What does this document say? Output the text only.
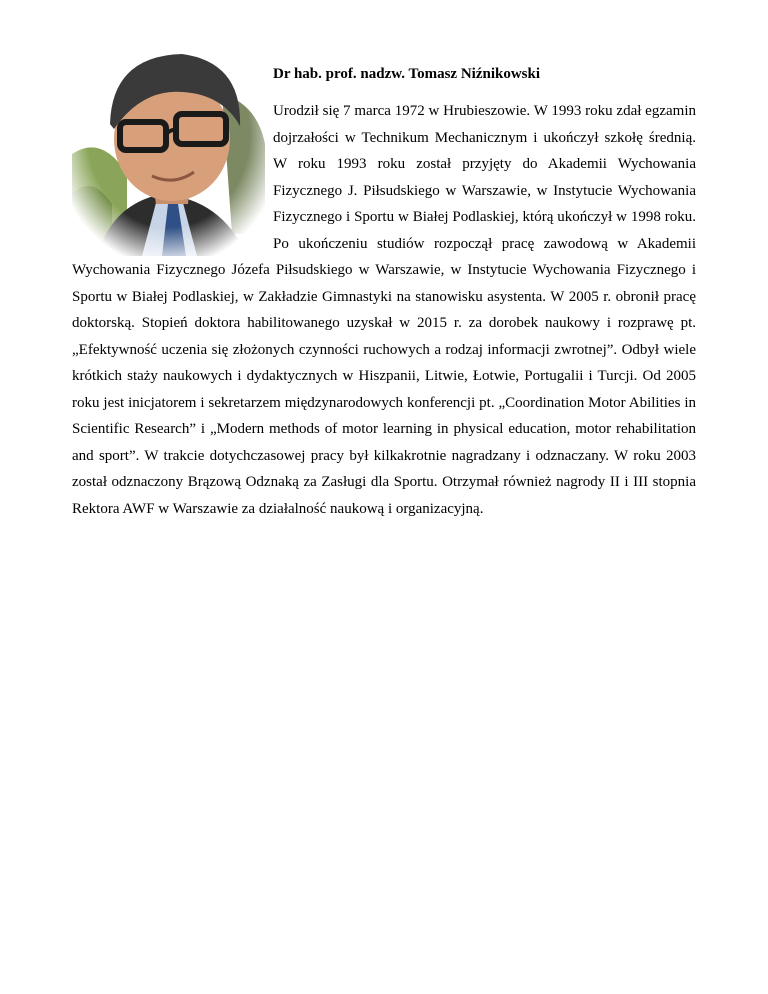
Dr hab. prof. nadzw. Tomasz Niźnikowski

Urodził się 7 marca 1972 w Hrubieszowie. W 1993 roku zdał egzamin dojrzałości w Technikum Mechanicznym i ukończył szkołę średnią. W roku 1993 roku został przyjęty do Akademii Wychowania Fizycznego J. Piłsudskiego w Warszawie, w Instytucie Wychowania Fizycznego i Sportu w Białej Podlaskiej, którą ukończył w 1998 roku. Po ukończeniu studiów rozpoczął pracę zawodową w Akademii Wychowania Fizycznego Józefa Piłsudskiego w Warszawie, w Instytucie Wychowania Fizycznego i Sportu w Białej Podlaskiej, w Zakładzie Gimnastyki na stanowisku asystenta. W 2005 r. obronił pracę doktorską. Stopień doktora habilitowanego uzyskał w 2015 r. za dorobek naukowy i rozprawę pt. „Efektywność uczenia się złożonych czynności ruchowych a rodzaj informacji zwrotnej”. Odbył wiele krótkich staży naukowych i dydaktycznych w Hiszpanii, Litwie, Łotwie, Portugalii i Turcji. Od 2005 roku jest inicjatorem i sekretarzem międzynarodowych konferencji pt. „Coordination Motor Abilities in Scientific Research” i „Modern methods of motor learning in physical education, motor rehabilitation and sport”. W trakcie dotychczasowej pracy był kilkakrotnie nagradzany i odznaczany. W roku 2003 został odznaczony Brązową Odznaką za Zasługi dla Sportu. Otrzymał również nagrody II i III stopnia Rektora AWF w Warszawie za działalność naukową i organizacyjną.
